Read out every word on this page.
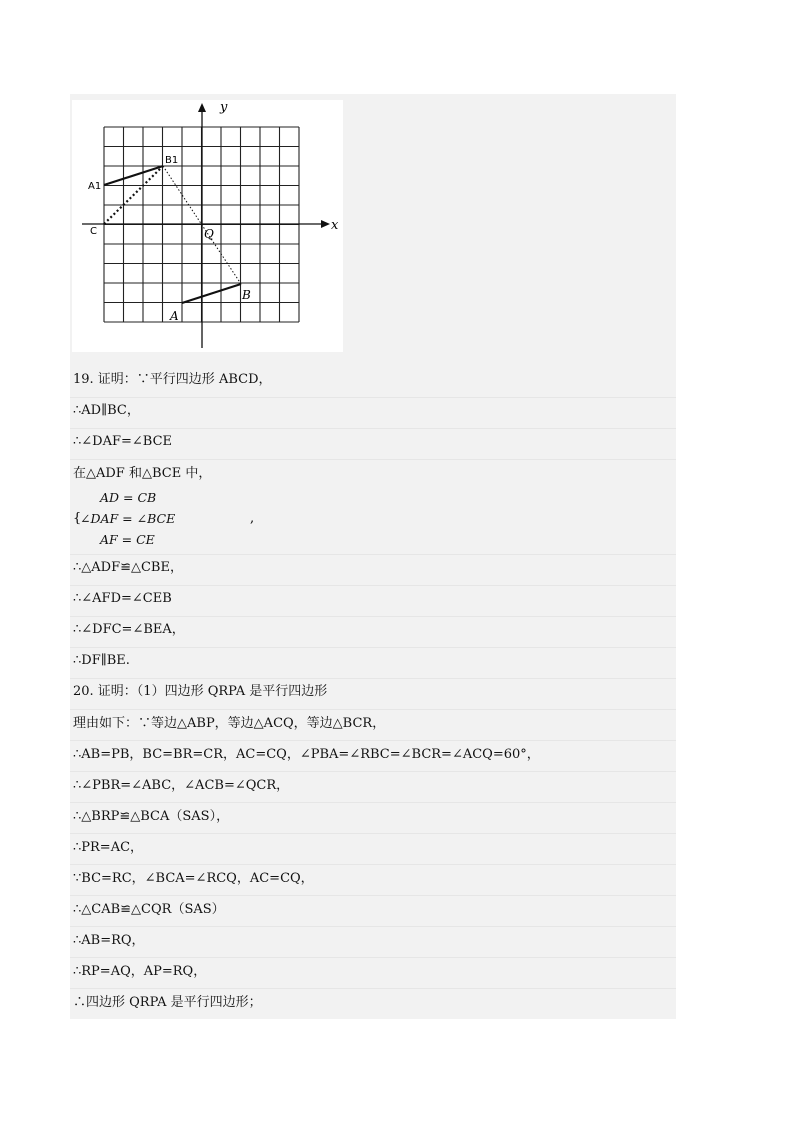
y
x
B1
A1
C	Q
B
A
19. 证明：∵平行四边形 ABCD，
∴AD∥BC，
∴∠DAF=∠BCE
在△ADF 和△BCE 中，
AD = CB
{
∠DAF = ∠BCE	,
AF = CE
∴△ADF≌△CBE，
∴∠AFD=∠CEB
∴∠DFC=∠BEA，
∴DF∥BE.
20. 证明：（1）四边形 QRPA 是平行四边形
理由如下：∵等边△ABP，等边△ACQ，等边△BCR，
∴AB=PB，BC=BR=CR，AC=CQ，∠PBA=∠RBC=∠BCR=∠ACQ=60°，
∴∠PBR=∠ABC，∠ACB=∠QCR，
∴△BRP≌△BCA（SAS），
∴PR=AC，
∵BC=RC，∠BCA=∠RCQ，AC=CQ，
∴△CAB≌△CQR（SAS）
∴AB=RQ，
∴RP=AQ，AP=RQ，
∴四边形 QRPA 是平行四边形；
